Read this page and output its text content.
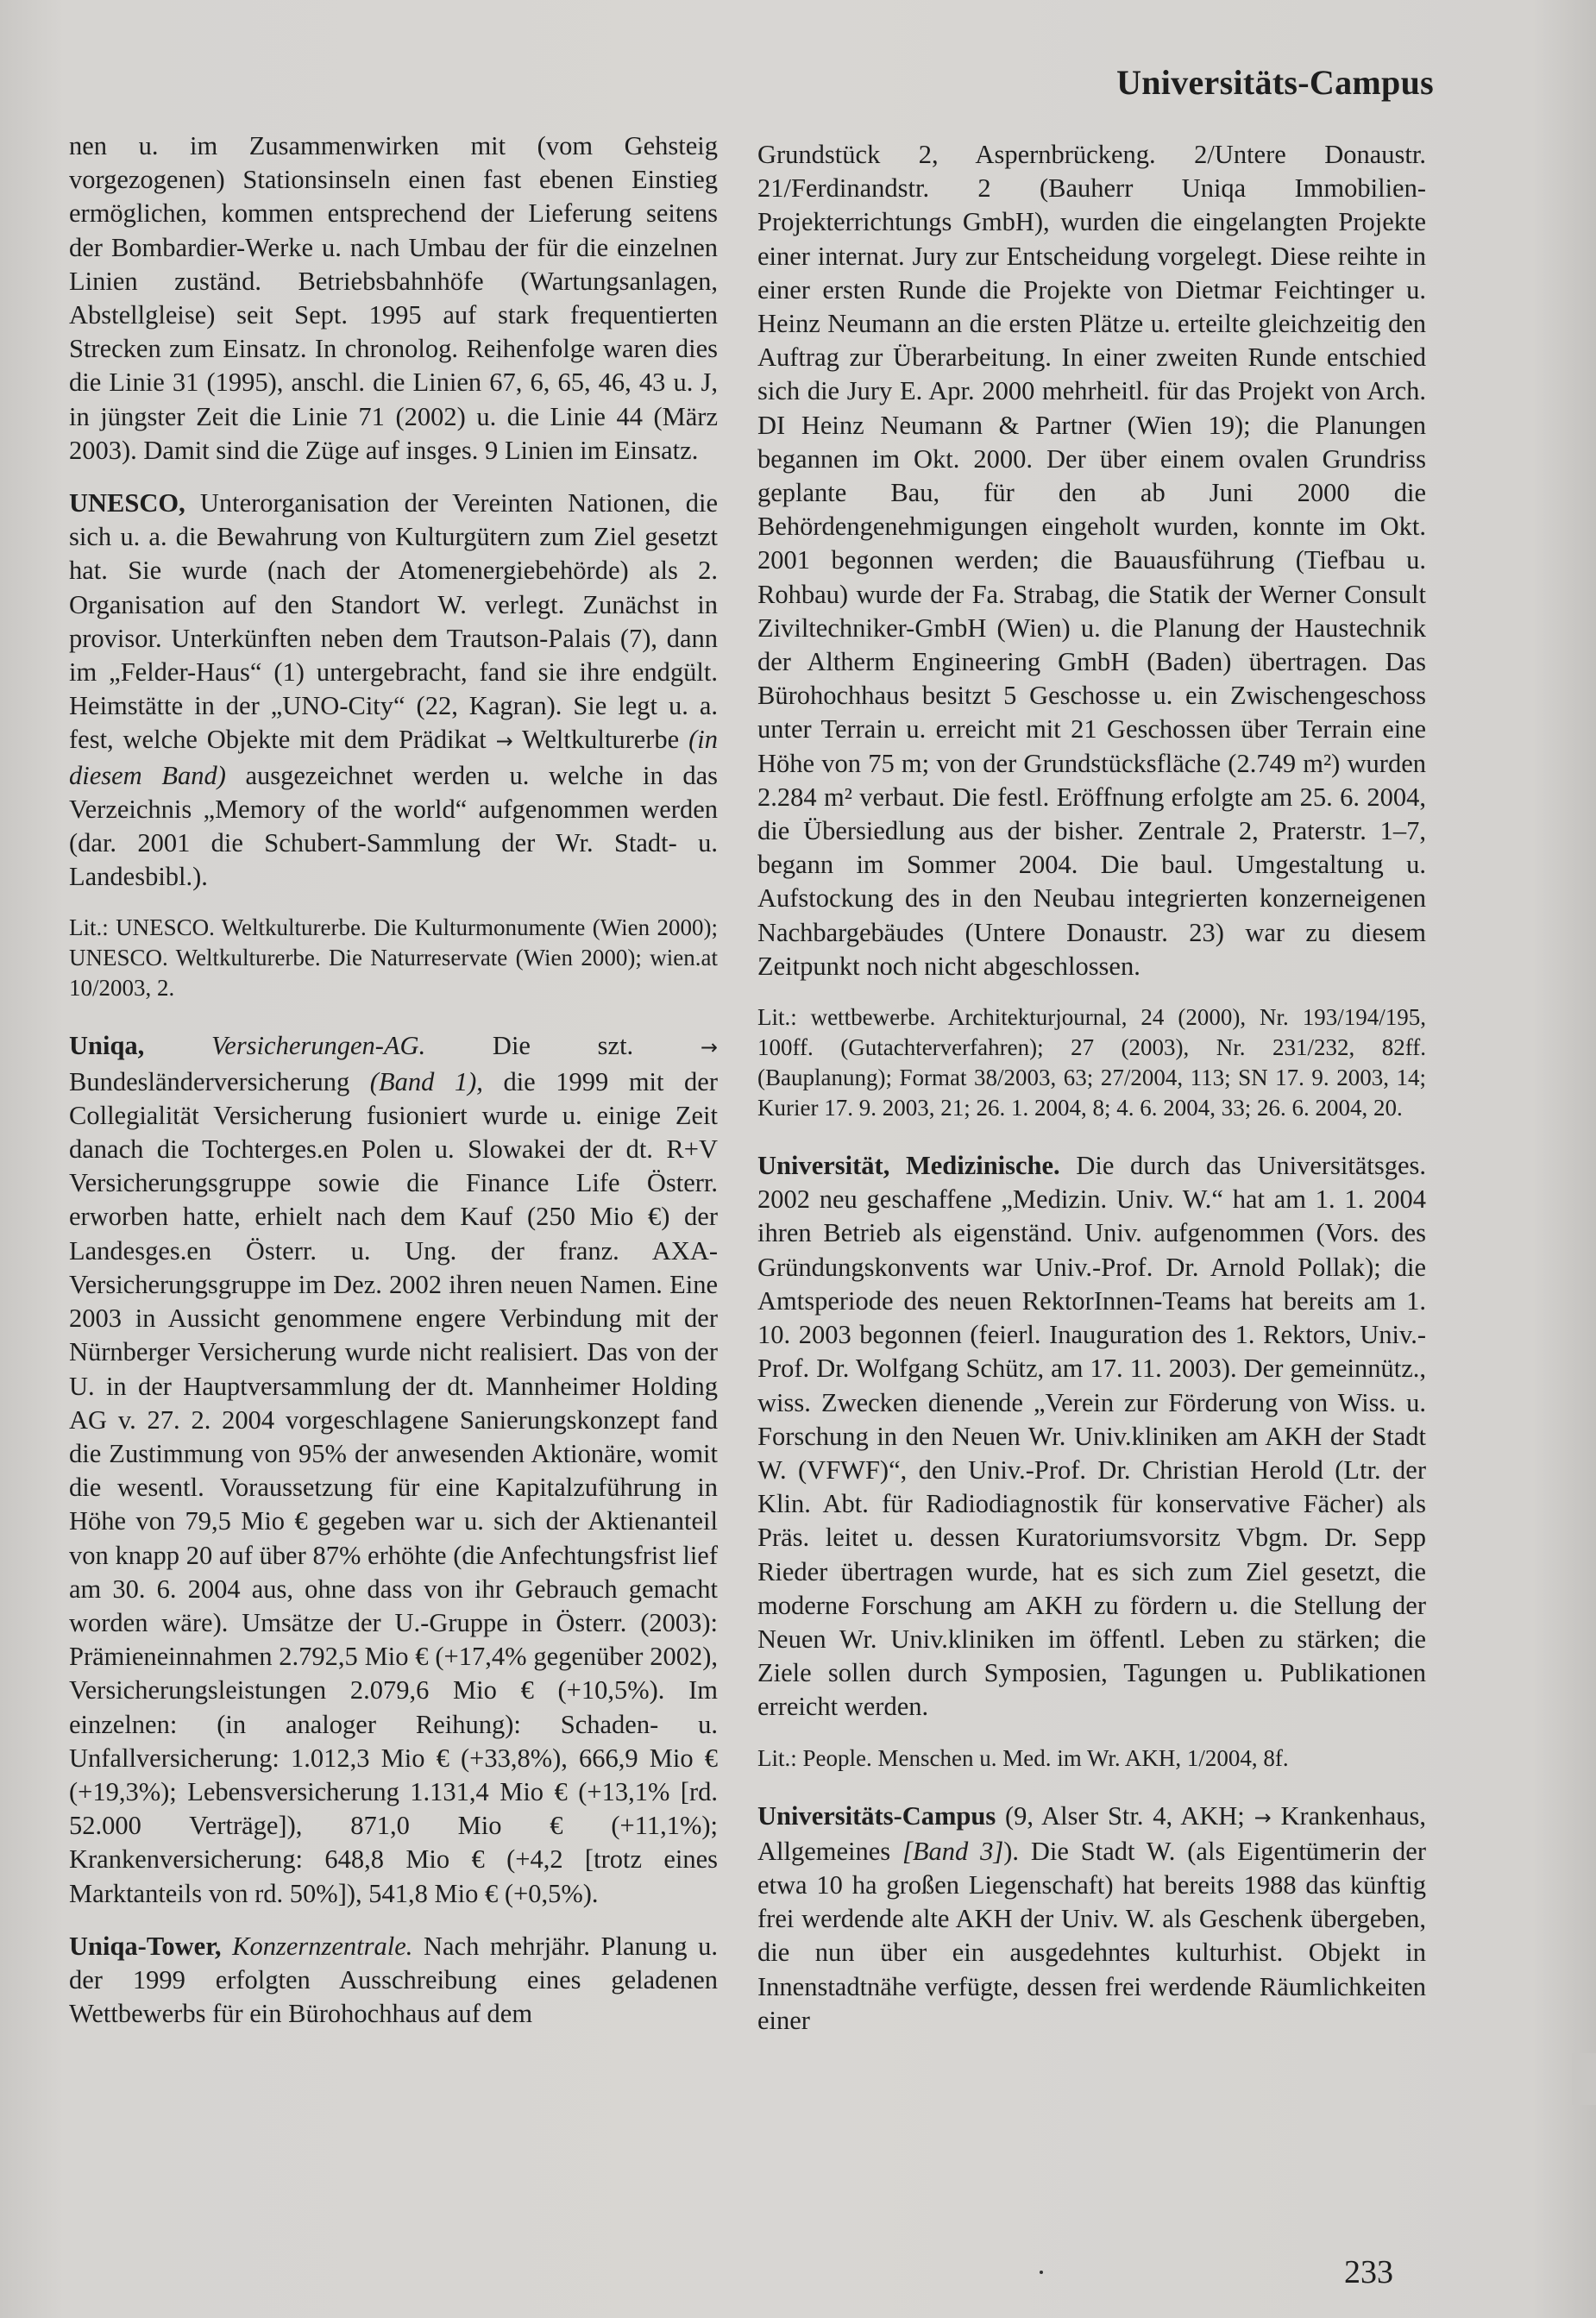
Universitäts-Campus

nen u. im Zusammenwirken mit (vom Gehsteig vorgezogenen) Stationsinseln einen fast ebenen Einstieg ermöglichen, kommen entsprechend der Lieferung seitens der Bombardier-Werke u. nach Umbau der für die einzelnen Linien zuständ. Betriebsbahnhöfe (Wartungsanlagen, Abstellgleise) seit Sept. 1995 auf stark frequentierten Strecken zum Einsatz. In chronolog. Reihenfolge waren dies die Linie 31 (1995), anschl. die Linien 67, 6, 65, 46, 43 u. J, in jüngster Zeit die Linie 71 (2002) u. die Linie 44 (März 2003). Damit sind die Züge auf insges. 9 Linien im Einsatz.

UNESCO, Unterorganisation der Vereinten Nationen, die sich u. a. die Bewahrung von Kulturgütern zum Ziel gesetzt hat. Sie wurde (nach der Atomenergiebehörde) als 2. Organisation auf den Standort W. verlegt. Zunächst in provisor. Unterkünften neben dem Trautson-Palais (7), dann im „Felder-Haus“ (1) untergebracht, fand sie ihre endgült. Heimstätte in der „UNO-City“ (22, Kagran). Sie legt u. a. fest, welche Objekte mit dem Prädikat → Weltkulturerbe (in diesem Band) ausgezeichnet werden u. welche in das Verzeichnis „Memory of the world“ aufgenommen werden (dar. 2001 die Schubert-Sammlung der Wr. Stadt- u. Landesbibl.).

Lit.: UNESCO. Weltkulturerbe. Die Kulturmonumente (Wien 2000); UNESCO. Weltkulturerbe. Die Naturreservate (Wien 2000); wien.at 10/2003, 2.

Uniqa, Versicherungen-AG. Die szt. → Bundesländerversicherung (Band 1), die 1999 mit der Collegialität Versicherung fusioniert wurde u. einige Zeit danach die Tochterges.en Polen u. Slowakei der dt. R+V Versicherungsgruppe sowie die Finance Life Österr. erworben hatte, erhielt nach dem Kauf (250 Mio €) der Landesges.en Österr. u. Ung. der franz. AXA-Versicherungsgruppe im Dez. 2002 ihren neuen Namen. Eine 2003 in Aussicht genommene engere Verbindung mit der Nürnberger Versicherung wurde nicht realisiert. Das von der U. in der Hauptversammlung der dt. Mannheimer Holding AG v. 27. 2. 2004 vorgeschlagene Sanierungskonzept fand die Zustimmung von 95% der anwesenden Aktionäre, womit die wesentl. Voraussetzung für eine Kapitalzuführung in Höhe von 79,5 Mio € gegeben war u. sich der Aktienanteil von knapp 20 auf über 87% erhöhte (die Anfechtungsfrist lief am 30. 6. 2004 aus, ohne dass von ihr Gebrauch gemacht worden wäre). Umsätze der U.-Gruppe in Österr. (2003): Prämieneinnahmen 2.792,5 Mio € (+17,4% gegenüber 2002), Versicherungsleistungen 2.079,6 Mio € (+10,5%). Im einzelnen: (in analoger Reihung): Schaden- u. Unfallversicherung: 1.012,3 Mio € (+33,8%), 666,9 Mio € (+19,3%); Lebensversicherung 1.131,4 Mio € (+13,1% [rd. 52.000 Verträge]), 871,0 Mio € (+11,1%); Krankenversicherung: 648,8 Mio € (+4,2 [trotz eines Marktanteils von rd. 50%]), 541,8 Mio € (+0,5%).

Uniqa-Tower, Konzernzentrale. Nach mehrjähr. Planung u. der 1999 erfolgten Ausschreibung eines geladenen Wettbewerbs für ein Bürohochhaus auf dem

Grundstück 2, Aspernbrückeng. 2/Untere Donaustr. 21/Ferdinandstr. 2 (Bauherr Uniqa Immobilien-Projekterrichtungs GmbH), wurden die eingelangten Projekte einer internat. Jury zur Entscheidung vorgelegt. Diese reihte in einer ersten Runde die Projekte von Dietmar Feichtinger u. Heinz Neumann an die ersten Plätze u. erteilte gleichzeitig den Auftrag zur Überarbeitung. In einer zweiten Runde entschied sich die Jury E. Apr. 2000 mehrheitl. für das Projekt von Arch. DI Heinz Neumann & Partner (Wien 19); die Planungen begannen im Okt. 2000. Der über einem ovalen Grundriss geplante Bau, für den ab Juni 2000 die Behördengenehmigungen eingeholt wurden, konnte im Okt. 2001 begonnen werden; die Bauausführung (Tiefbau u. Rohbau) wurde der Fa. Strabag, die Statik der Werner Consult Ziviltechniker-GmbH (Wien) u. die Planung der Haustechnik der Altherm Engineering GmbH (Baden) übertragen. Das Bürohochhaus besitzt 5 Geschosse u. ein Zwischengeschoss unter Terrain u. erreicht mit 21 Geschossen über Terrain eine Höhe von 75 m; von der Grundstücksfläche (2.749 m²) wurden 2.284 m² verbaut. Die festl. Eröffnung erfolgte am 25. 6. 2004, die Übersiedlung aus der bisher. Zentrale 2, Praterstr. 1–7, begann im Sommer 2004. Die baul. Umgestaltung u. Aufstockung des in den Neubau integrierten konzerneigenen Nachbargebäudes (Untere Donaustr. 23) war zu diesem Zeitpunkt noch nicht abgeschlossen.

Lit.: wettbewerbe. Architekturjournal, 24 (2000), Nr. 193/194/195, 100ff. (Gutachterverfahren); 27 (2003), Nr. 231/232, 82ff. (Bauplanung); Format 38/2003, 63; 27/2004, 113; SN 17. 9. 2003, 14; Kurier 17. 9. 2003, 21; 26. 1. 2004, 8; 4. 6. 2004, 33; 26. 6. 2004, 20.

Universität, Medizinische. Die durch das Universitätsges. 2002 neu geschaffene „Medizin. Univ. W.“ hat am 1. 1. 2004 ihren Betrieb als eigenständ. Univ. aufgenommen (Vors. des Gründungskonvents war Univ.-Prof. Dr. Arnold Pollak); die Amtsperiode des neuen RektorInnen-Teams hat bereits am 1. 10. 2003 begonnen (feierl. Inauguration des 1. Rektors, Univ.-Prof. Dr. Wolfgang Schütz, am 17. 11. 2003). Der gemeinnütz., wiss. Zwecken dienende „Verein zur Förderung von Wiss. u. Forschung in den Neuen Wr. Univ.kliniken am AKH der Stadt W. (VFWF)“, den Univ.-Prof. Dr. Christian Herold (Ltr. der Klin. Abt. für Radiodiagnostik für konservative Fächer) als Präs. leitet u. dessen Kuratoriumsvorsitz Vbgm. Dr. Sepp Rieder übertragen wurde, hat es sich zum Ziel gesetzt, die moderne Forschung am AKH zu fördern u. die Stellung der Neuen Wr. Univ.kliniken im öffentl. Leben zu stärken; die Ziele sollen durch Symposien, Tagungen u. Publikationen erreicht werden.

Lit.: People. Menschen u. Med. im Wr. AKH, 1/2004, 8f.

Universitäts-Campus (9, Alser Str. 4, AKH; → Krankenhaus, Allgemeines [Band 3]). Die Stadt W. (als Eigentümerin der etwa 10 ha großen Liegenschaft) hat bereits 1988 das künftig frei werdende alte AKH der Univ. W. als Geschenk übergeben, die nun über ein ausgedehntes kulturhist. Objekt in Innenstadtnähe verfügte, dessen frei werdende Räumlichkeiten einer

233
